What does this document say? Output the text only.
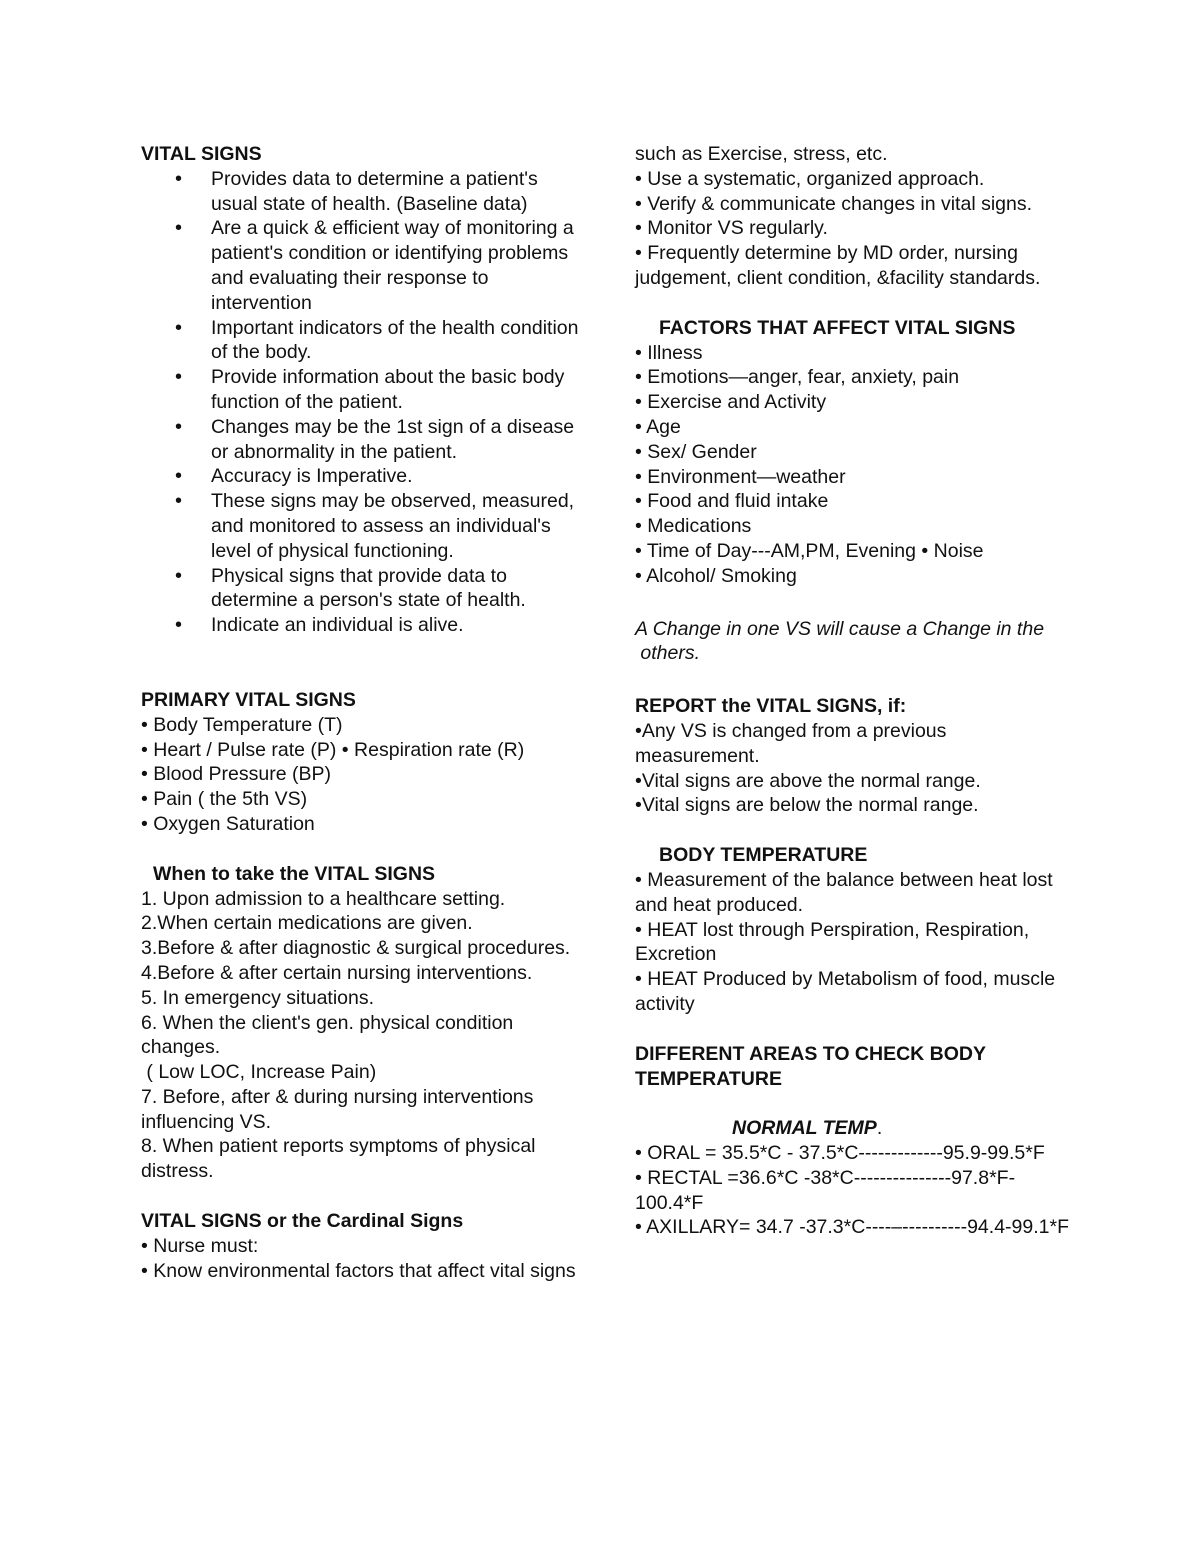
VITAL SIGNS
• Provides data to determine a patient's usual state of health. (Baseline data)
• Are a quick & efficient way of monitoring a patient's condition or identifying problems and evaluating their response to intervention
• Important indicators of the health condition of the body.
• Provide information about the basic body function of the patient.
• Changes may be the 1st sign of a disease or abnormality in the patient.
• Accuracy is Imperative.
• These signs may be observed, measured, and monitored to assess an individual's level of physical functioning.
• Physical signs that provide data to determine a person's state of health.
• Indicate an individual is alive.
PRIMARY VITAL SIGNS
• Body Temperature (T)
• Heart / Pulse rate (P) • Respiration rate (R)
• Blood Pressure (BP)
• Pain ( the 5th VS)
• Oxygen Saturation
When to take the VITAL SIGNS
1. Upon admission to a healthcare setting.
2.When certain medications are given.
3.Before & after diagnostic & surgical procedures.
4.Before & after certain nursing interventions.
5. In emergency situations.
6. When the client's gen. physical condition changes.
( Low LOC, Increase Pain)
7. Before, after & during nursing interventions influencing VS.
8. When patient reports symptoms of physical distress.
VITAL SIGNS or the Cardinal Signs
• Nurse must:
• Know environmental factors that affect vital signs
such as Exercise, stress, etc.
• Use a systematic, organized approach.
• Verify & communicate changes in vital signs.
• Monitor VS regularly.
• Frequently determine by MD order, nursing judgement, client condition, &facility standards.
FACTORS THAT AFFECT VITAL SIGNS
• Illness
• Emotions—anger, fear, anxiety, pain
• Exercise and Activity
• Age
• Sex/ Gender
• Environment—weather
• Food and fluid intake
• Medications
• Time of Day---AM,PM, Evening • Noise
• Alcohol/ Smoking
A Change in one VS will cause a Change in the
others.
REPORT the VITAL SIGNS, if:
•Any VS is changed from a previous measurement.
•Vital signs are above the normal range.
•Vital signs are below the normal range.
BODY TEMPERATURE
• Measurement of the balance between heat lost and heat produced.
• HEAT lost through Perspiration, Respiration, Excretion
• HEAT Produced by Metabolism of food, muscle activity
DIFFERENT AREAS TO CHECK BODY TEMPERATURE
NORMAL TEMP.
• ORAL = 35.5*C - 37.5*C-------------95.9-99.5*F
• RECTAL =36.6*C -38*C---------------97.8*F-100.4*F
• AXILLARY= 34.7 -37.3*C----–----------94.4-99.1*F
